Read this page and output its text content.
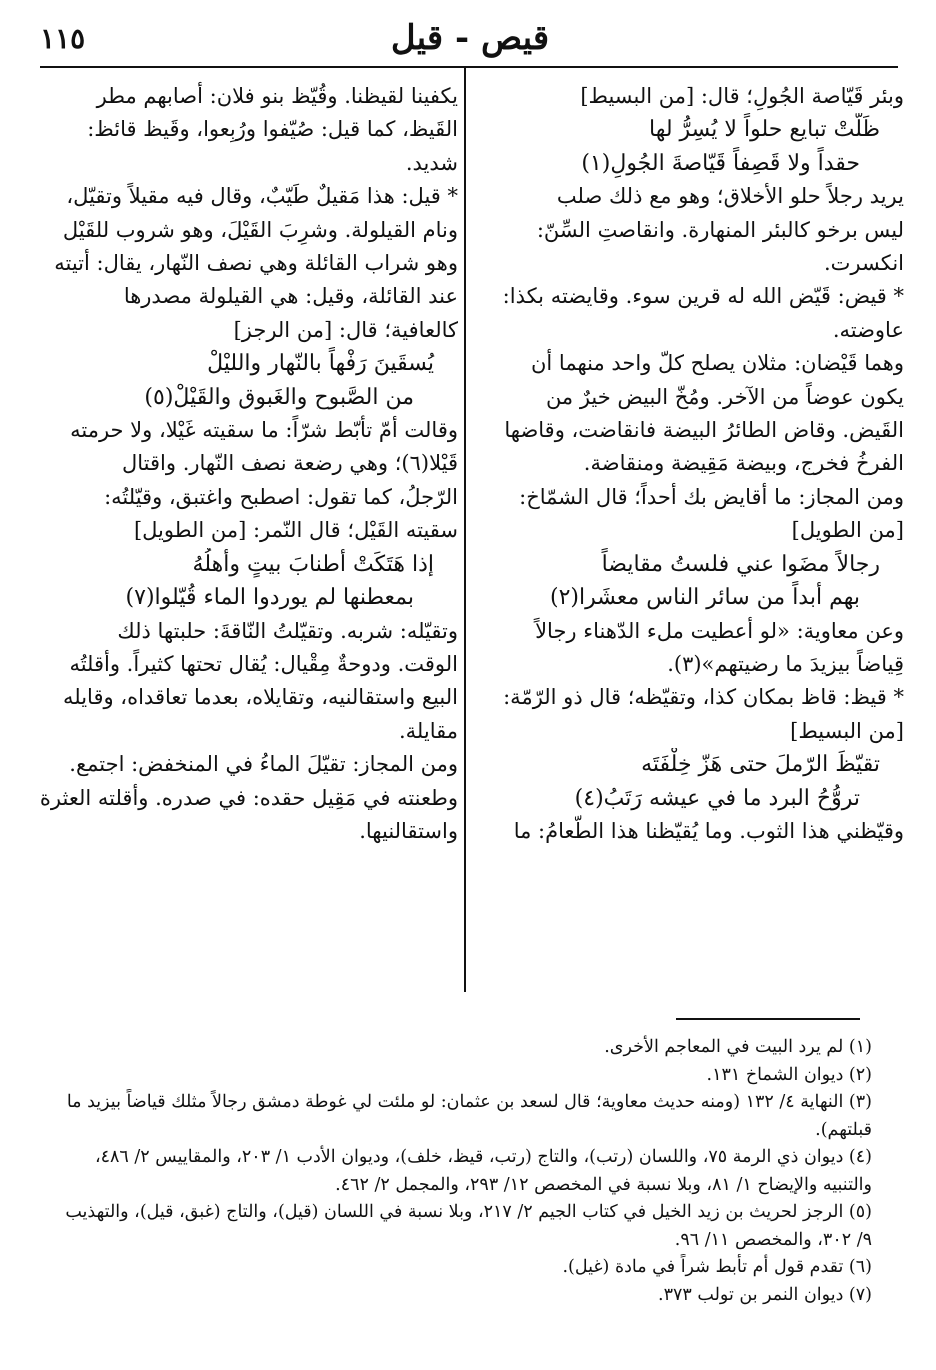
١١٥	قيص - قيل
وبئر قَيّاصة الجُولِ؛ قال: [من البسيط]
ظَلَّتْ تبايع حلواً لا يُسِرُّ لها
حقداً ولا قَصِفاً قَيّاصةَ الجُولِ(١)
يريد رجلاً حلو الأخلاق؛ وهو مع ذلك صلب
ليس برخو كالبئر المنهارة. وانقاصتِ السِّنّ:
انكسرت.
* قيض: قَيّض الله له قرين سوء. وقايضته بكذا:
عاوضته.
وهما قَيْضان: مثلان يصلح كلّ واحد منهما أن
يكون عوضاً من الآخر. ومُخّ البيض خيرٌ من
القَيض. وقاض الطائرُ البيضة فانقاضت، وقاضها
الفرخُ فخرج، وبيضة مَقِيضة ومنقاضة.
ومن المجاز: ما أقايض بك أحداً؛ قال الشمّاخ:
[من الطويل]
رجالاً مضَوا عني فلستُ مقايضاً
بهم أبداً من سائر الناس معشَرا(٢)
وعن معاوية: «لو أعطيت ملء الدّهناء رجالاً
قِياضاً بيزيدَ ما رضيتهم»(٣).
* قيظ: قاظ بمكان كذا، وتقيّظه؛ قال ذو الرّمّة:
[من البسيط]
تقيّظَ الرّملَ حتى هَزّ خِلْفَتَه
تروُّحُ البرد ما في عيشه رَتَبُ(٤)
وقيّظني هذا الثوب. وما يُقيّظنا هذا الطّعامُ: ما
يكفينا لقيظنا. وقُيّظ بنو فلان: أصابهم مطر
القَيظ، كما قيل: صُيّفوا ورُبِعوا، وقَيظ قائظ:
شديد.
* قيل: هذا مَقيلٌ طَيّبٌ، وقال فيه مقيلاً وتقيّل،
ونام القيلولة. وشرِبَ القَيْلَ، وهو شروب للقَيْل
وهو شراب القائلة وهي نصف النّهار، يقال: أتيته
عند القائلة، وقيل: هي القيلولة مصدرها
كالعافية؛ قال: [من الرجز]
يُسقَينَ رَفْهاً بالنّهار والليْلْ
من الصَّبوح والغَبوق والقَيْلْ(٥)
وقالت أمّ تأبّط شرّاً: ما سقيته غَيْلا، ولا حرمته
قَيْلا(٦)؛ وهي رضعة نصف النّهار. واقتال
الرّجلُ، كما تقول: اصطبح واغتبق، وقيّلتُه:
سقيته القَيْل؛ قال النّمر: [من الطويل]
إذا هَتَكَتْ أطنابَ بيتٍ وأهلُهُ
بمعطنها لم يوردوا الماء قُيّلوا(٧)
وتقيّله: شربه. وتقيّلتُ النّاقةَ: حلبتها ذلك
الوقت. ودوحةٌ مِقْيال: يُقال تحتها كثيراً. وأقلتُه
البيع واستقالنيه، وتقايلاه، بعدما تعاقداه، وقايله
مقايلة.
ومن المجاز: تقيّلَ الماءُ في المنخفض: اجتمع.
وطعنته في مَقِيل حقده: في صدره. وأقلته العثرة
واستقالنيها.
(١) لم يرد البيت في المعاجم الأخرى.
(٢) ديوان الشماخ ١٣١.
(٣) النهاية ٤/ ١٣٢ (ومنه حديث معاوية؛ قال لسعد بن عثمان: لو ملئت لي غوطة دمشق رجالاً مثلك قياضاً بيزيد ما
قبلتهم).
(٤) ديوان ذي الرمة ٧٥، واللسان (رتب)، والتاج (رتب، قيظ، خلف)، وديوان الأدب ١/ ٢٠٣، والمقاييس ٢/ ٤٨٦،
والتنبيه والإيضاح ١/ ٨١، وبلا نسبة في المخصص ١٢/ ٢٩٣، والمجمل ٢/ ٤٦٢.
(٥) الرجز لحريث بن زيد الخيل في كتاب الجيم ٢/ ٢١٧، وبلا نسبة في اللسان (قيل)، والتاج (غبق، قيل)، والتهذيب
٩/ ٣٠٢، والمخصص ١١/ ٩٦.
(٦) تقدم قول أم تأبط شراً في مادة (غيل).
(٧) ديوان النمر بن تولب ٣٧٣.
